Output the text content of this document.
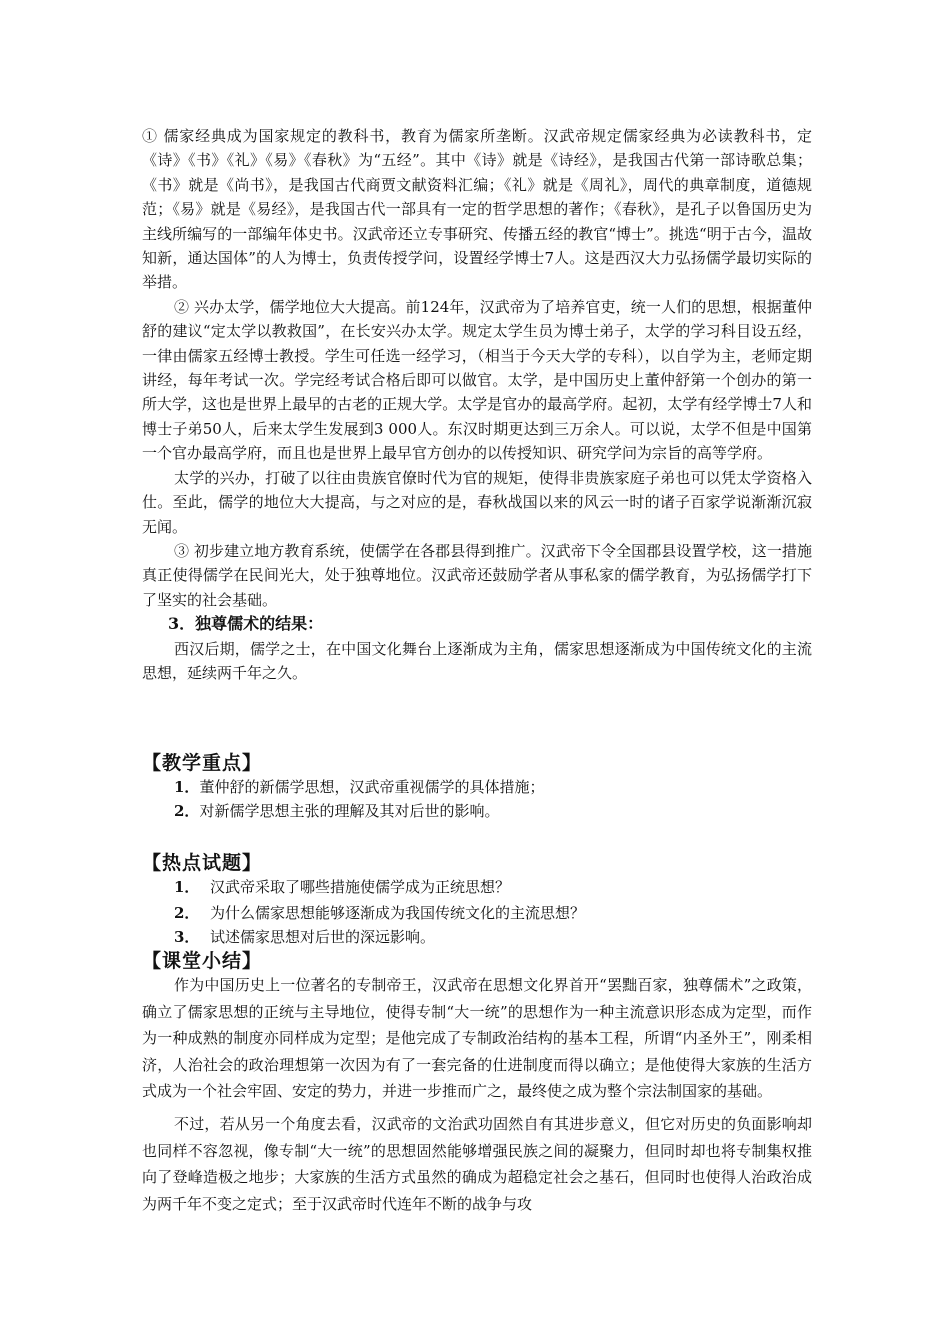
① 儒家经典成为国家规定的教科书，教育为儒家所垄断。汉武帝规定儒家经典为必读教科书，定《诗》《书》《礼》《易》《春秋》为“五经”。其中《诗》就是《诗经》，是我国古代第一部诗歌总集；《书》就是《尚书》，是我国古代商贾文献资料汇编；《礼》就是《周礼》，周代的典章制度，道德规范；《易》就是《易经》，是我国古代一部具有一定的哲学思想的著作；《春秋》，是孔子以鲁国历史为主线所编写的一部编年体史书。汉武帝还立专事研究、传播五经的教官“博士”。挑选“明于古今，温故知新，通达国体”的人为博士，负责传授学问，设置经学博士7人。这是西汉大力弘扬儒学最切实际的举措。

② 兴办太学，儒学地位大大提高。前124年，汉武帝为了培养官吏，统一人们的思想，根据董仲舒的建议“定太学以教救国”，在长安兴办太学。规定太学生员为博士弟子，太学的学习科目设五经，一律由儒家五经博士教授。学生可任选一经学习，（相当于今天大学的专科），以自学为主，老师定期讲经，每年考试一次。学完经考试合格后即可以做官。太学，是中国历史上董仲舒第一个创办的第一所大学，这也是世界上最早的古老的正规大学。太学是官办的最高学府。起初，太学有经学博士7人和博士子弟50人，后来太学生发展到3 000人。东汉时期更达到三万余人。可以说，太学不但是中国第一个官办最高学府，而且也是世界上最早官方创办的以传授知识、研究学问为宗旨的高等学府。

太学的兴办，打破了以往由贵族官僚时代为官的规矩，使得非贵族家庭子弟也可以凭太学资格入仕。至此，儒学的地位大大提高，与之对应的是，春秋战国以来的风云一时的诸子百家学说渐渐沉寂无闻。

③ 初步建立地方教育系统，使儒学在各郡县得到推广。汉武帝下令全国郡县设置学校，这一措施真正使得儒学在民间光大，处于独尊地位。汉武帝还鼓励学者从事私家的儒学教育，为弘扬儒学打下了坚实的社会基础。

3．独尊儒术的结果：

西汉后期，儒学之士，在中国文化舞台上逐渐成为主角，儒家思想逐渐成为中国传统文化的主流思想，延续两千年之久。

【教学重点】
1．董仲舒的新儒学思想，汉武帝重视儒学的具体措施；
2．对新儒学思想主张的理解及其对后世的影响。
【热点试题】
1． 汉武帝采取了哪些措施使儒学成为正统思想？
2． 为什么儒家思想能够逐渐成为我国传统文化的主流思想？
3． 试述儒家思想对后世的深远影响。
【课堂小结】

作为中国历史上一位著名的专制帝王，汉武帝在思想文化界首开“罢黜百家，独尊儒术”之政策，确立了儒家思想的正统与主导地位，使得专制“大一统”的思想作为一种主流意识形态成为定型，而作为一种成熟的制度亦同样成为定型；是他完成了专制政治结构的基本工程，所谓“内圣外王”，刚柔相济，人治社会的政治理想第一次因为有了一套完备的仕进制度而得以确立；是他使得大家族的生活方式成为一个社会牢固、安定的势力，并进一步推而广之，最终使之成为整个宗法制国家的基础。

不过，若从另一个角度去看，汉武帝的文治武功固然自有其进步意义，但它对历史的负面影响却也同样不容忽视，像专制“大一统”的思想固然能够增强民族之间的凝聚力，但同时却也将专制集权推向了登峰造极之地步；大家族的生活方式虽然的确成为超稳定社会之基石，但同时也使得人治政治成为两千年不变之定式；至于汉武帝时代连年不断的战争与攻
